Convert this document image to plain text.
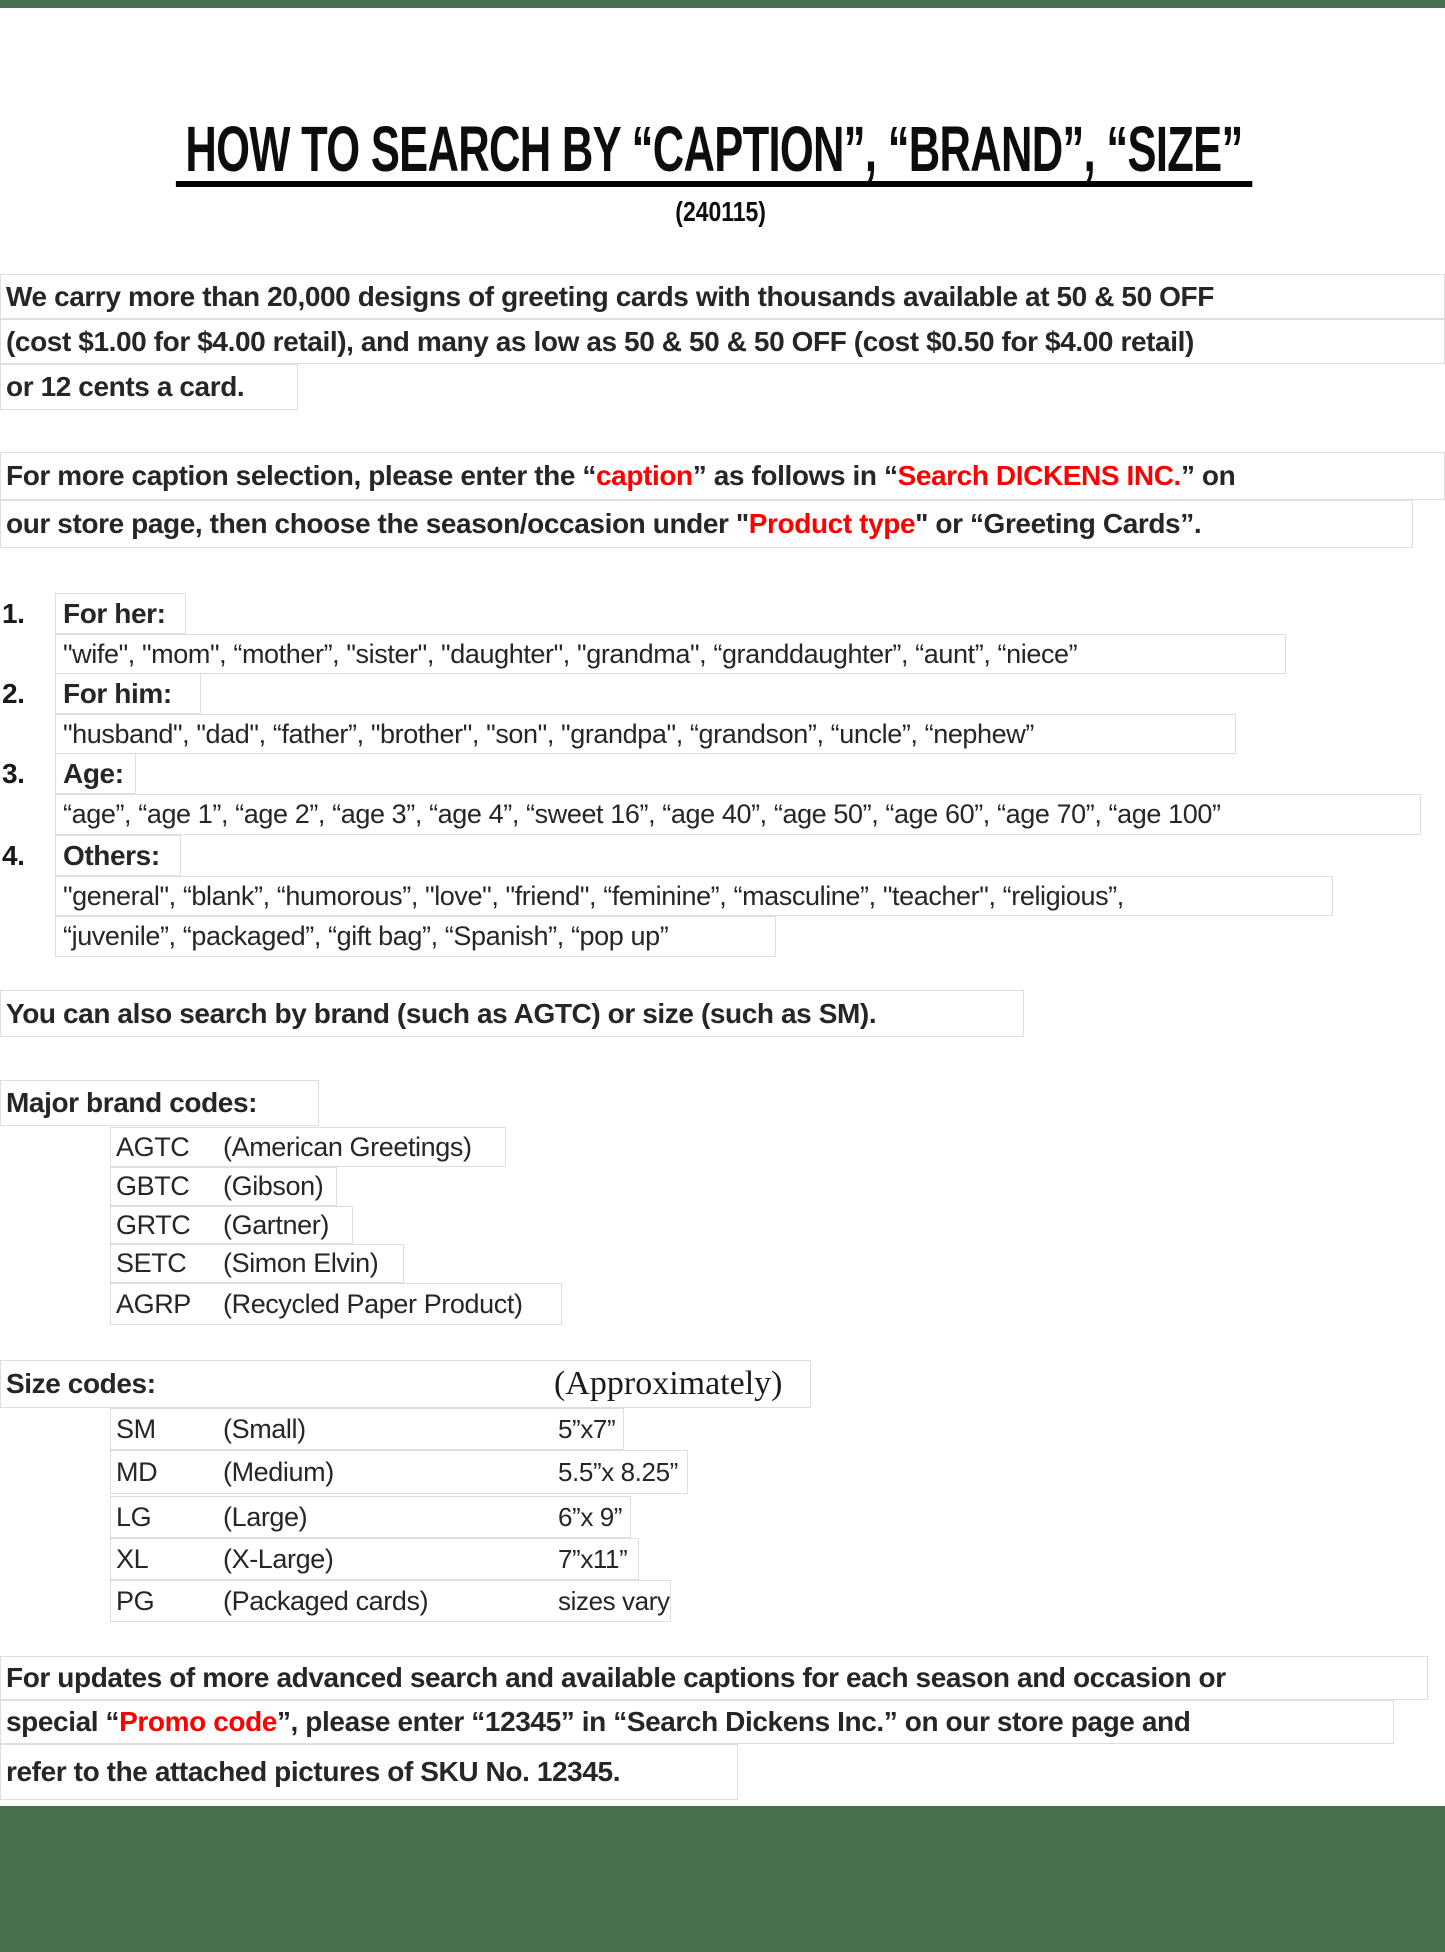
HOW TO SEARCH BY “CAPTION”, “BRAND”, “SIZE”
(240115)
We carry more than 20,000 designs of greeting cards with thousands available at 50 & 50 OFF
(cost $1.00 for $4.00 retail), and many as low as 50 & 50 & 50 OFF (cost $0.50 for $4.00 retail)
or 12 cents a card.
For more caption selection, please enter the “ caption ” as follows in “ Search DICKENS INC. ” on
our store page, then choose the season/occasion under " Product type " or “Greeting Cards”.
1.	For her:
"wife", "mom", “mother”, "sister", "daughter", "grandma", “granddaughter”, “aunt”, “niece”
2.	For him:
"husband", "dad", “father”, "brother", "son", "grandpa", “grandson”, “uncle”, “nephew”
3.	Age:
“age”, “age 1”, “age 2”, “age 3”, “age 4”, “sweet 16”, “age 40”, “age 50”, “age 60”, “age 70”, “age 100”
4.	Others:
"general", “blank”, “humorous”, "love", "friend", “feminine”, “masculine”, "teacher", “religious”,
“juvenile”, “packaged”, “gift bag”, “Spanish”, “pop up”
You can also search by brand (such as AGTC) or size (such as SM).
Major brand codes:
AGTC (American Greetings)
GBTC (Gibson)
GRTC (Gartner)
SETC (Simon Elvin)
AGRP (Recycled Paper Product)
Size codes:	(Approximately)
SM (Small)	5”x7”
MD (Medium)	5.5”x 8.25”
LG	(Large)	6”x 9”
XL	(X-Large)	7”x11”
PG	(Packaged cards)	sizes vary
For updates of more advanced search and available captions for each season and occasion or
special “ Promo code ”, please enter “12345” in “Search Dickens Inc.” on our store page and
refer to the attached pictures of SKU No. 12345.
